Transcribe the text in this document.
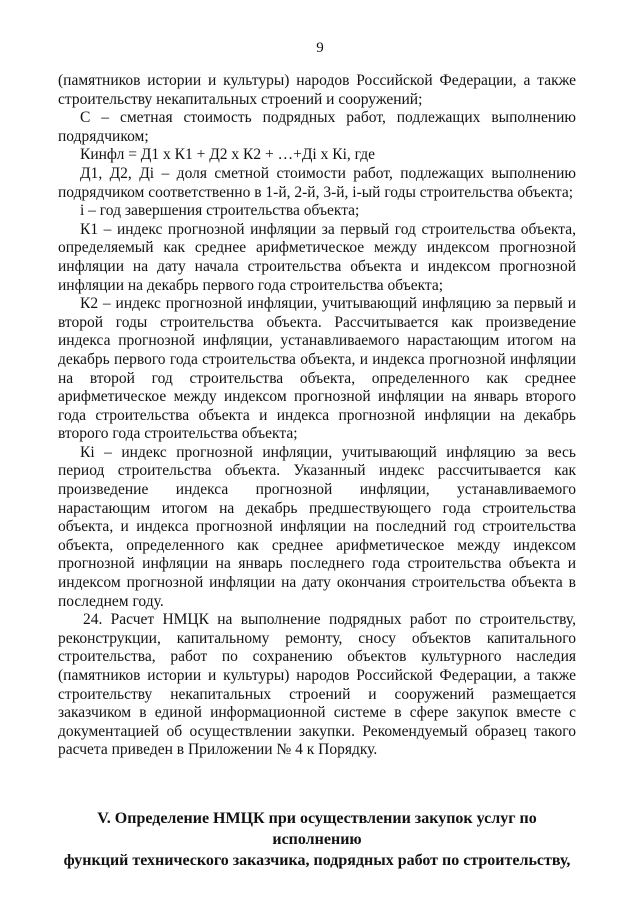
9

(памятников истории и культуры) народов Российской Федерации, а также строительству некапитальных строений и сооружений;

С – сметная стоимость подрядных работ, подлежащих выполнению подрядчиком;

Кинфл = Д1 х К1 + Д2 х К2 + …+Дi х Кi, где

Д1, Д2, Дi – доля сметной стоимости работ, подлежащих выполнению подрядчиком соответственно в 1-й, 2-й, 3-й, i-ый годы строительства объекта;

i – год завершения строительства объекта;

К1 – индекс прогнозной инфляции за первый год строительства объекта, определяемый как среднее арифметическое между индексом прогнозной инфляции на дату начала строительства объекта и индексом прогнозной инфляции на декабрь первого года строительства объекта;

К2 – индекс прогнозной инфляции, учитывающий инфляцию за первый и второй годы строительства объекта. Рассчитывается как произведение индекса прогнозной инфляции, устанавливаемого нарастающим итогом на декабрь первого года строительства объекта, и индекса прогнозной инфляции на второй год строительства объекта, определенного как среднее арифметическое между индексом прогнозной инфляции на январь второго года строительства объекта и индекса прогнозной инфляции на декабрь второго года строительства объекта;

Кi – индекс прогнозной инфляции, учитывающий инфляцию за весь период строительства объекта. Указанный индекс рассчитывается как произведение индекса прогнозной инфляции, устанавливаемого нарастающим итогом на декабрь предшествующего года строительства объекта, и индекса прогнозной инфляции на последний год строительства объекта, определенного как среднее арифметическое между индексом прогнозной инфляции на январь последнего года строительства объекта и индексом прогнозной инфляции на дату окончания строительства объекта в последнем году.

24. Расчет НМЦК на выполнение подрядных работ по строительству, реконструкции, капитальному ремонту, сносу объектов капитального строительства, работ по сохранению объектов культурного наследия (памятников истории и культуры) народов Российской Федерации, а также строительству некапитальных строений и сооружений размещается заказчиком в единой информационной системе в сфере закупок вместе с документацией об осуществлении закупки. Рекомендуемый образец такого расчета приведен в Приложении № 4 к Порядку.

V. Определение НМЦК при осуществлении закупок услуг по исполнению
функций технического заказчика, подрядных работ по строительству,
